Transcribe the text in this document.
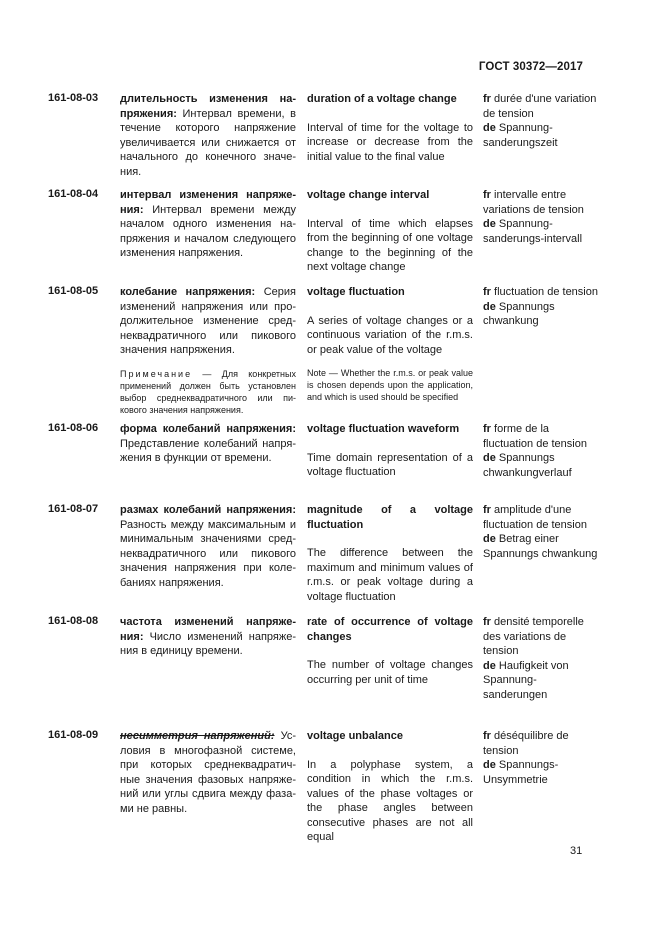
ГОСТ 30372—2017
161-08-03 длительность изменения на-пряжения: Интервал времени, в течение которого напряжение увеличивается или снижается от начального до конечного значе-ния.
duration of a voltage change
Interval of time for the voltage to increase or decrease from the initial value to the final value
fr durée d'une variation de tension
de Spannung-sanderungszeit
161-08-04 интервал изменения напряже-ния: Интервал времени между началом одного изменения на-пряжения и началом следующего изменения напряжения.
voltage change interval
Interval of time which elapses from the beginning of one voltage change to the beginning of the next voltage change
fr intervalle entre variations de tension
de Spannung-sanderungs-intervall
161-08-05 колебание напряжения: Серия изменений напряжения или про-должительное изменение сред-неквадратичного или пикового значения напряжения.
Примечание — Для конкретных применений должен быть установлен выбор среднеквадратичного или пи-кового значения напряжения.
voltage fluctuation
A series of voltage changes or a continuous variation of the r.m.s. or peak value of the voltage
Note — Whether the r.m.s. or peak value is chosen depends upon the application, and which is used should be specified
fr fluctuation de tension
de Spannungs chwankung
161-08-06 форма колебаний напряжения: Представление колебаний напря-жения в функции от времени.
voltage fluctuation waveform
Time domain representation of a voltage fluctuation
fr forme de la fluctuation de tension
de Spannungs chwankungverlauf
161-08-07 размах колебаний напряжения: Разность между максимальным и минимальным значениями сред-неквадратичного или пикового значения напряжения при коле-баниях напряжения.
magnitude of a voltage fluctuation
The difference between the maximum and minimum values of r.m.s. or peak voltage during a voltage fluctuation
fr amplitude d'une fluctuation de tension
de Betrag einer Spannungs chwankung
161-08-08 частота изменений напряже-ния: Число изменений напряже-ния в единицу времени.
rate of occurrence of voltage changes
The number of voltage changes occurring per unit of time
fr densité temporelle des variations de tension
de Haufigkeit von Spannung-sanderungen
161-08-09 несимметрия напряжений: Ус-ловия в многофазной системе, при которых среднеквадратич-ные значения фазовых напряже-ний или углы сдвига между фаза-ми не равны.
voltage unbalance
In a polyphase system, a condition in which the r.m.s. values of the phase voltages or the phase angles between consecutive phases are not all equal
fr déséquilibre de tension
de Spannungs-Unsymmetrie
31
